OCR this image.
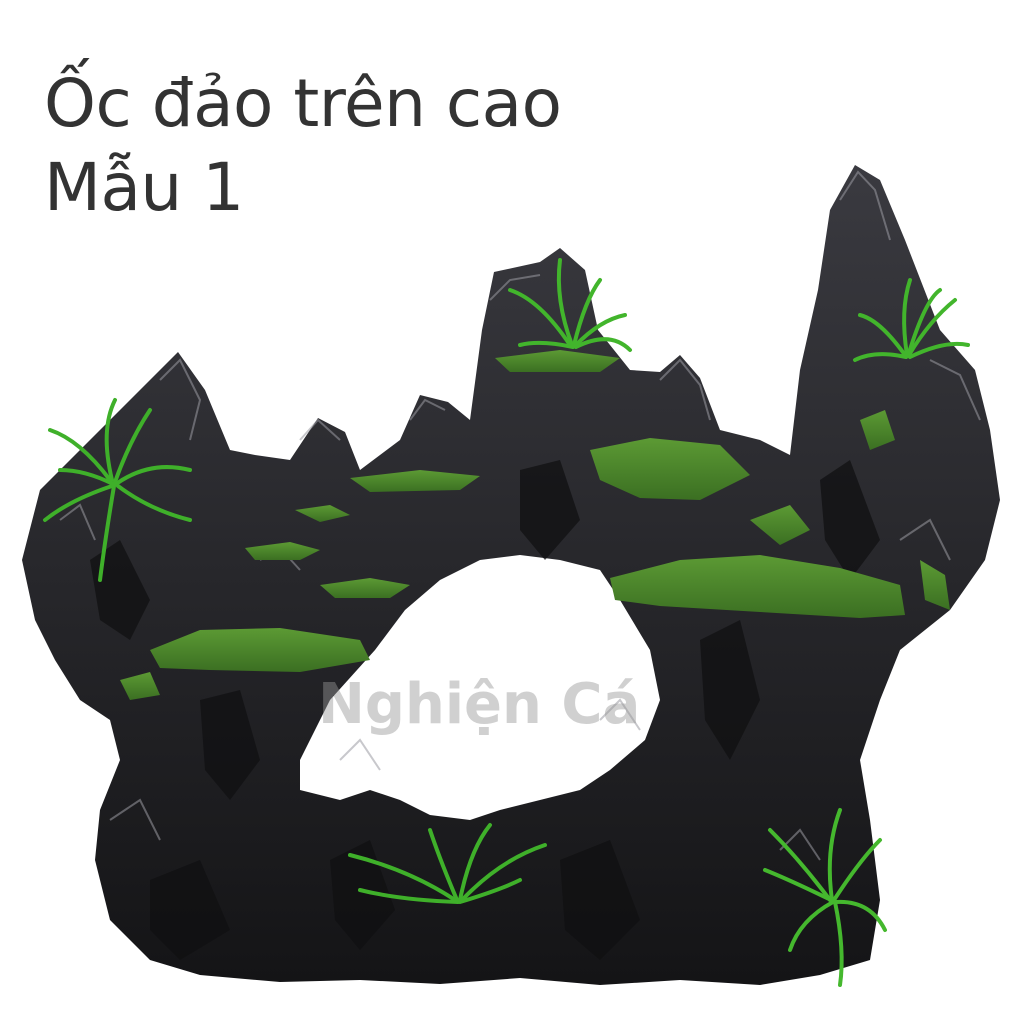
Nghiện Cá
Ốc đảo trên cao
Mẫu 1
